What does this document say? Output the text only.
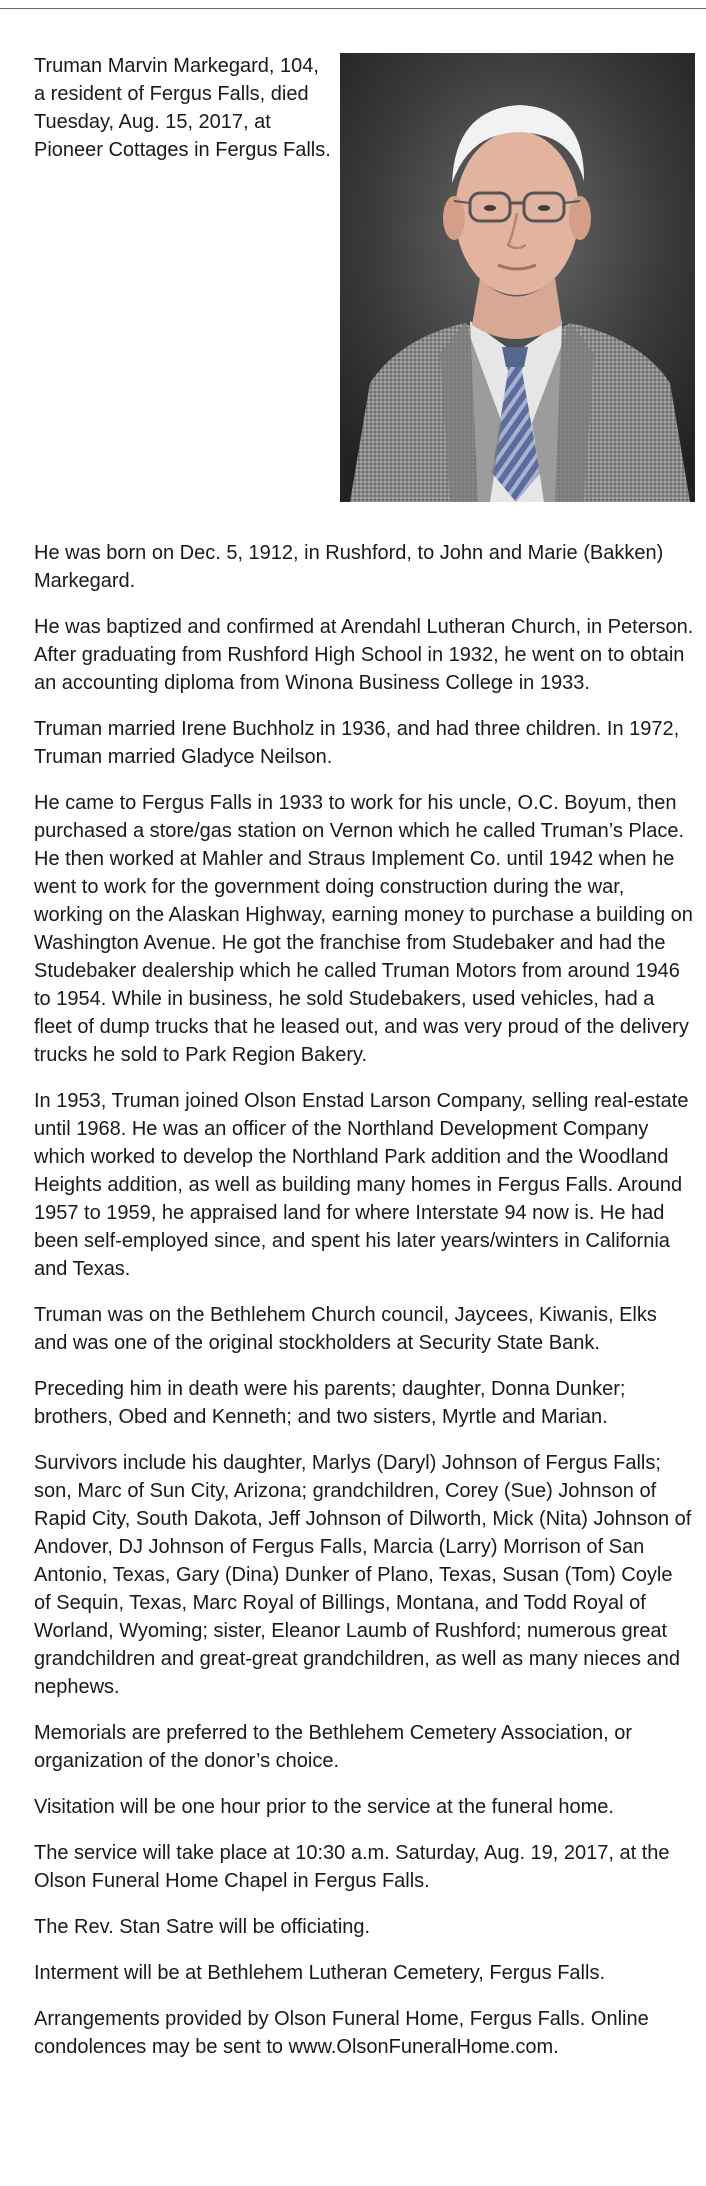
Truman Marvin Markegard, 104, a resident of Fergus Falls, died Tuesday, Aug. 15, 2017, at Pioneer Cottages in Fergus Falls.

He was born on Dec. 5, 1912, in Rushford, to John and Marie (Bakken) Markegard.

He was baptized and confirmed at Arendahl Lutheran Church, in Peterson. After graduating from Rushford High School in 1932, he went on to obtain an accounting diploma from Winona Business College in 1933.

Truman married Irene Buchholz in 1936, and had three children. In 1972, Truman married Gladyce Neilson.

He came to Fergus Falls in 1933 to work for his uncle, O.C. Boyum, then purchased a store/gas station on Vernon which he called Truman’s Place. He then worked at Mahler and Straus Implement Co. until 1942 when he went to work for the government doing construction during the war, working on the Alaskan Highway, earning money to purchase a building on Washington Avenue. He got the franchise from Studebaker and had the Studebaker dealership which he called Truman Motors from around 1946 to 1954. While in business, he sold Studebakers, used vehicles, had a fleet of dump trucks that he leased out, and was very proud of the delivery trucks he sold to Park Region Bakery.

In 1953, Truman joined Olson Enstad Larson Company, selling real-estate until 1968. He was an officer of the Northland Development Company which worked to develop the Northland Park addition and the Woodland Heights addition, as well as building many homes in Fergus Falls. Around 1957 to 1959, he appraised land for where Interstate 94 now is. He had been self-employed since, and spent his later years/winters in California and Texas.

Truman was on the Bethlehem Church council, Jaycees, Kiwanis, Elks and was one of the original stockholders at Security State Bank.

Preceding him in death were his parents; daughter, Donna Dunker; brothers, Obed and Kenneth; and two sisters, Myrtle and Marian.

Survivors include his daughter, Marlys (Daryl) Johnson of Fergus Falls; son, Marc of Sun City, Arizona; grandchildren, Corey (Sue) Johnson of Rapid City, South Dakota, Jeff Johnson of Dilworth, Mick (Nita) Johnson of Andover, DJ Johnson of Fergus Falls, Marcia (Larry) Morrison of San Antonio, Texas, Gary (Dina) Dunker of Plano, Texas, Susan (Tom) Coyle of Sequin, Texas, Marc Royal of Billings, Montana, and Todd Royal of Worland, Wyoming; sister, Eleanor Laumb of Rushford; numerous great grandchildren and great-great grandchildren, as well as many nieces and nephews.

Memorials are preferred to the Bethlehem Cemetery Association, or organization of the donor’s choice.

Visitation will be one hour prior to the service at the funeral home.

The service will take place at 10:30 a.m. Saturday, Aug. 19, 2017, at the Olson Funeral Home Chapel in Fergus Falls.

The Rev. Stan Satre will be officiating.

Interment will be at Bethlehem Lutheran Cemetery, Fergus Falls.

Arrangements provided by Olson Funeral Home, Fergus Falls. Online condolences may be sent to www.OlsonFuneralHome.com.
